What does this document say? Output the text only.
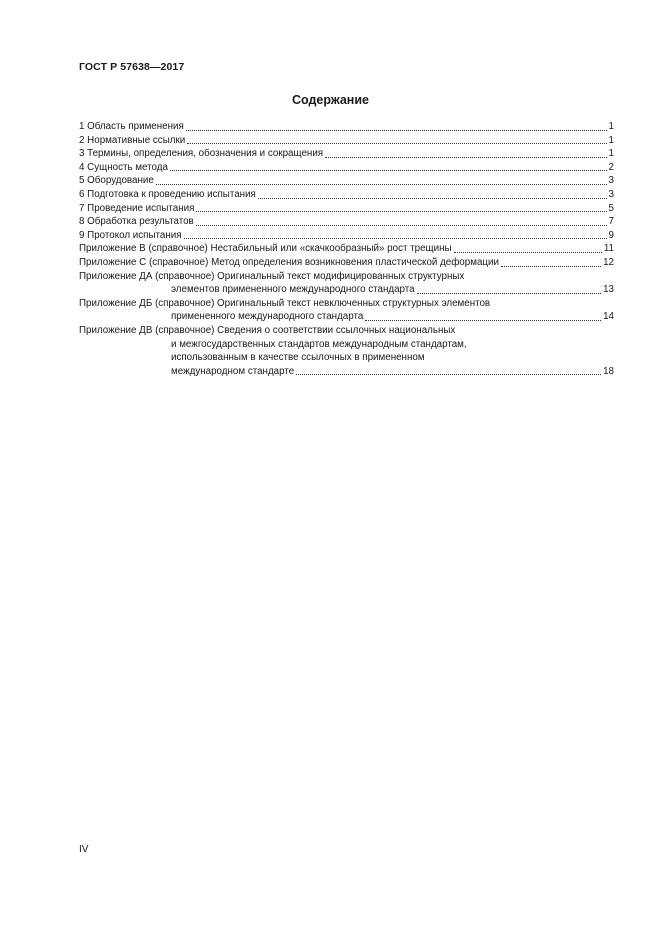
ГОСТ Р 57638—2017
Содержание
1 Область применения	1
2 Нормативные ссылки	1
3 Термины, определения, обозначения и сокращения	1
4 Сущность метода	2
5 Оборудование	3
6 Подготовка к проведению испытания	3
7 Проведение испытания	5
8 Обработка результатов	7
9 Протокол испытания	9
Приложение В (справочное) Нестабильный или «скачкообразный» рост трещины	11
Приложение С (справочное) Метод определения возникновения пластической деформации	12
Приложение ДА (справочное) Оригинальный текст модифицированных структурных
элементов примененного международного стандарта	13
Приложение ДБ (справочное) Оригинальный текст невключенных структурных элементов
примененного международного стандарта	14
Приложение ДВ (справочное) Сведения о соответствии ссылочных национальных
и межгосударственных стандартов международным стандартам,
использованным в качестве ссылочных в примененном
международном стандарте	18
IV
